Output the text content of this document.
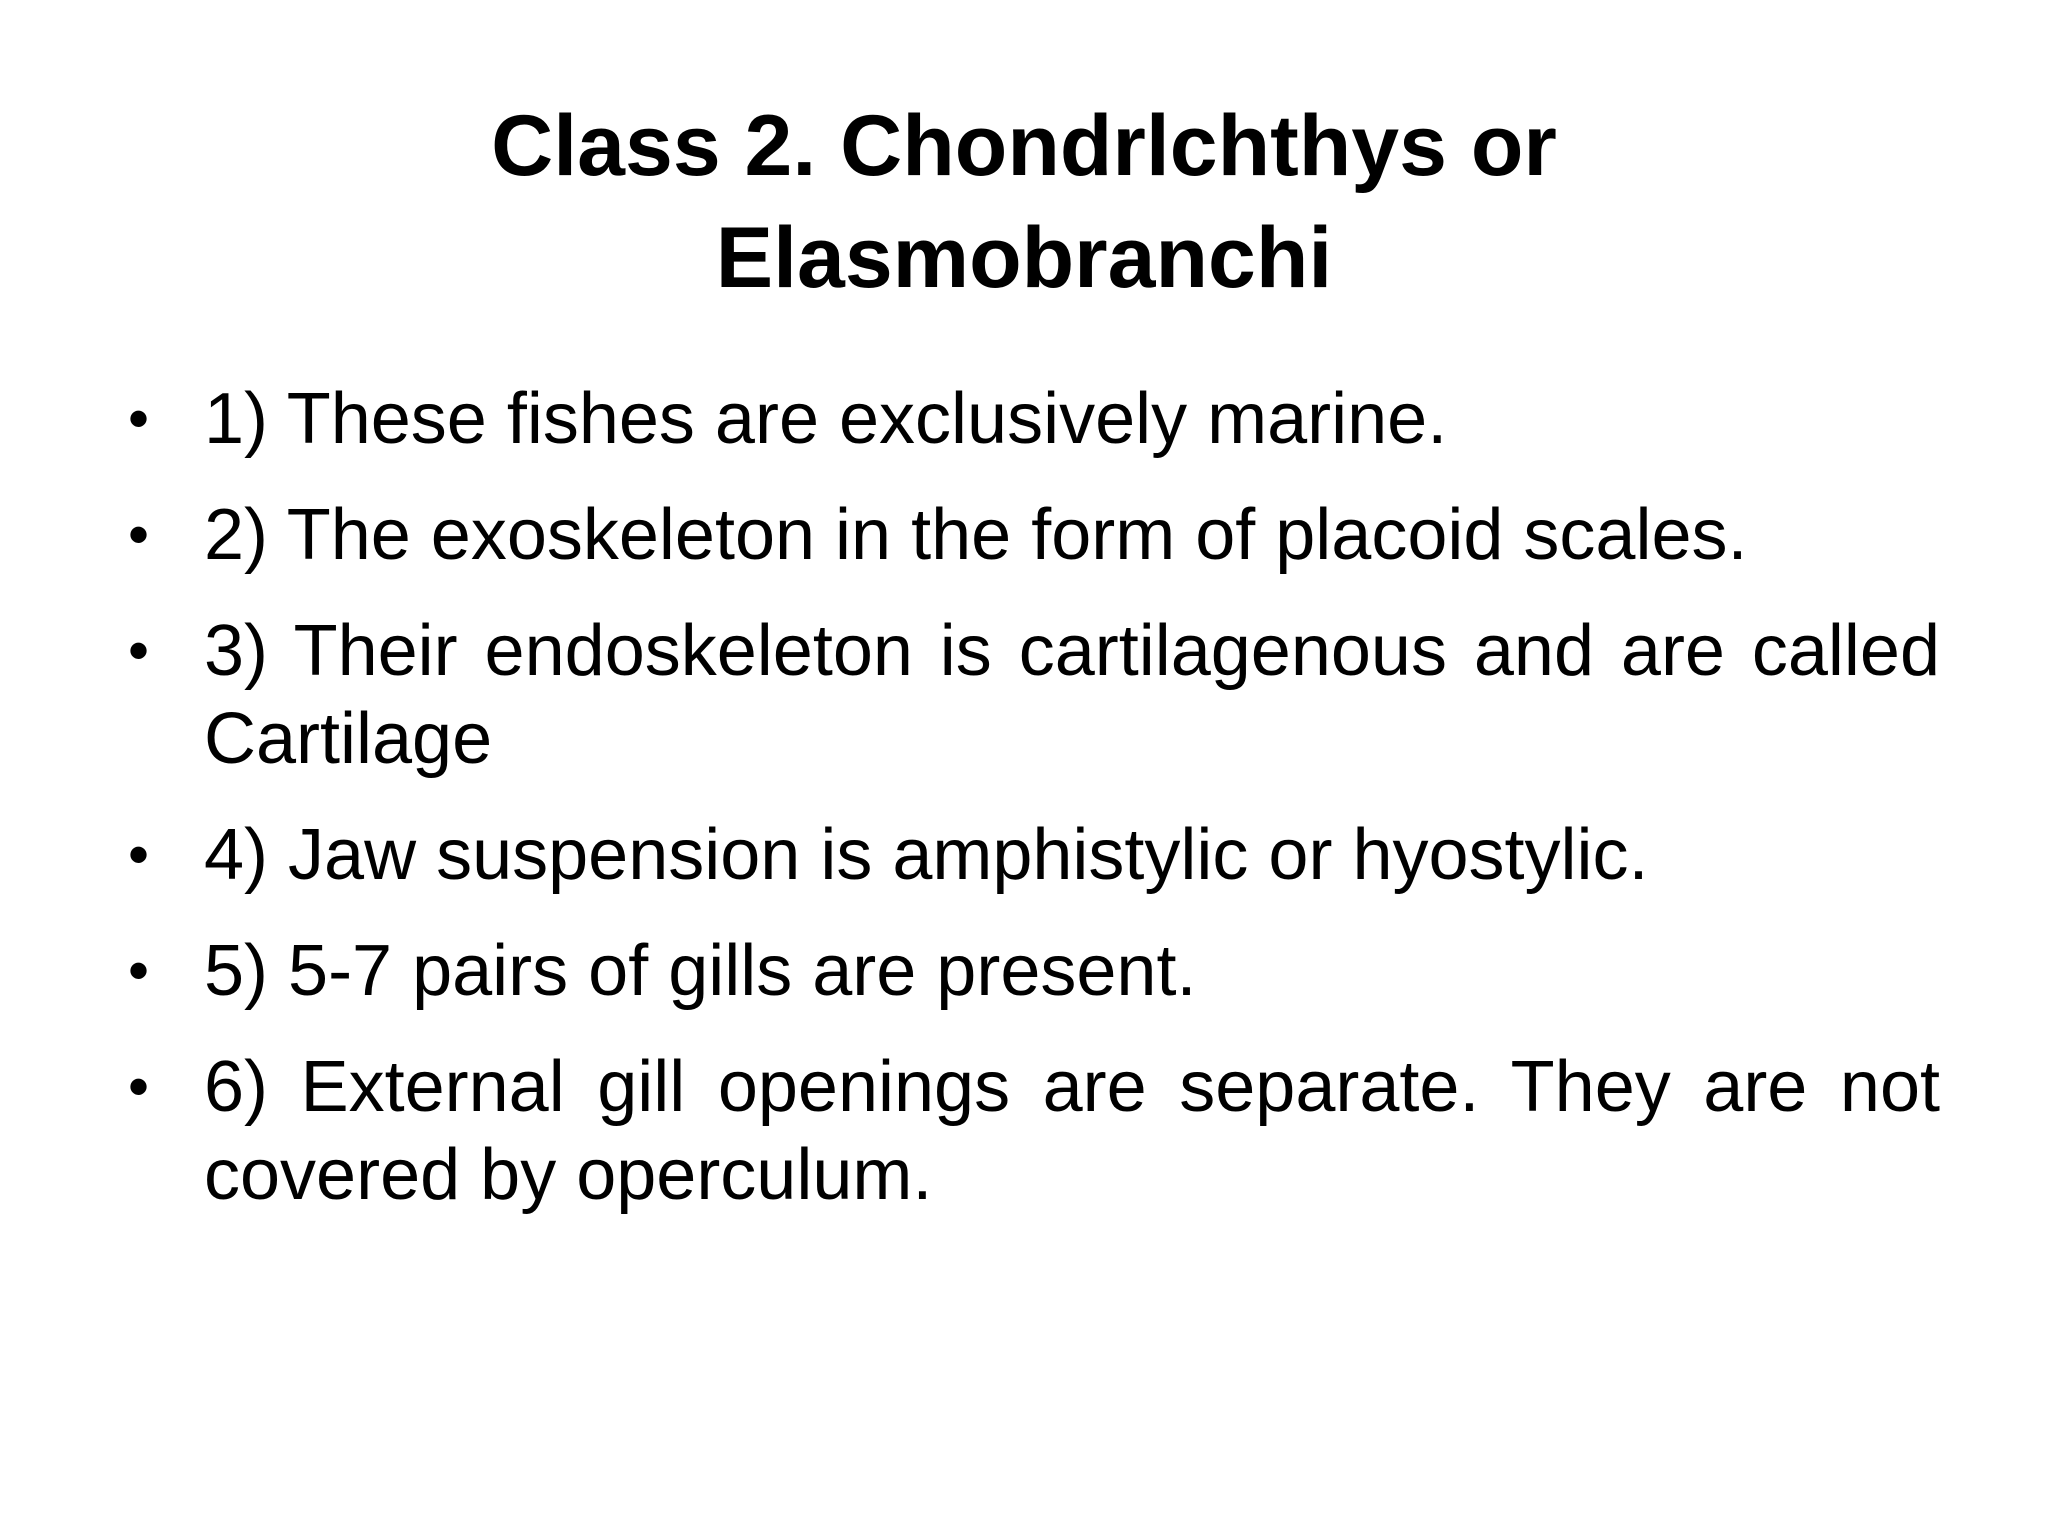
Class 2. Chondrlchthys or
Elasmobranchi
• 1) These fishes are exclusively marine.
• 2) The exoskeleton in the form of placoid scales.
• 3) Their endoskeleton is cartilagenous and are called Cartilage
• 4) Jaw suspension is amphistylic or hyostylic.
• 5) 5-7 pairs of gills are present.
• 6) External gill openings are separate. They are not covered by operculum.
